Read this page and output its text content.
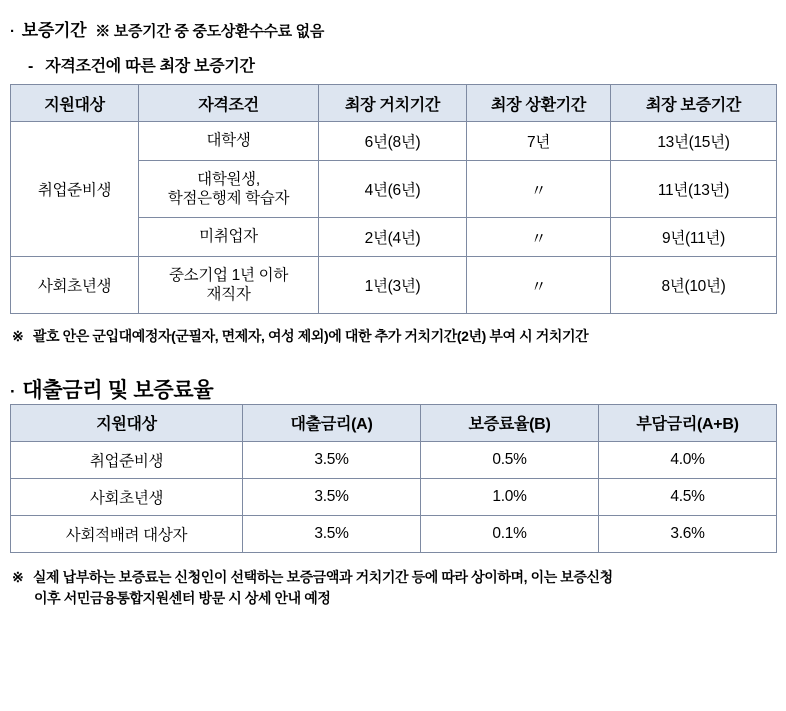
· 보증기간 ※ 보증기간 중 중도상환수수료 없음
- 자격조건에 따른 최장 보증기간
지원대상	자격조건	최장 거치기간	최장 상환기간	최장 보증기간
취업준비생	대학생	6년(8년)	7년	13년(15년)

	대학원생,
학점은행제 학습자	4년(6년)	〃	11년(13년)

	미취업자	2년(4년)	〃	9년(11년)
사회초년생	중소기업 1년 이하
재직자	1년(3년)	〃	8년(10년)
※ 괄호 안은 군입대예정자(군필자, 면제자, 여성 제외)에 대한 추가 거치기간(2년) 부여 시 거치기간
· 대출금리 및 보증료율
지원대상	대출금리(A)	보증료율(B)	부담금리(A+B)
취업준비생	3.5%	0.5%	4.0%
사회초년생	3.5%	1.0%	4.5%
사회적배려 대상자	3.5%	0.1%	3.6%
※ 실제 납부하는 보증료는 신청인이 선택하는 보증금액과 거치기간 등에 따라 상이하며, 이는 보증신청
이후 서민금융통합지원센터 방문 시 상세 안내 예정
